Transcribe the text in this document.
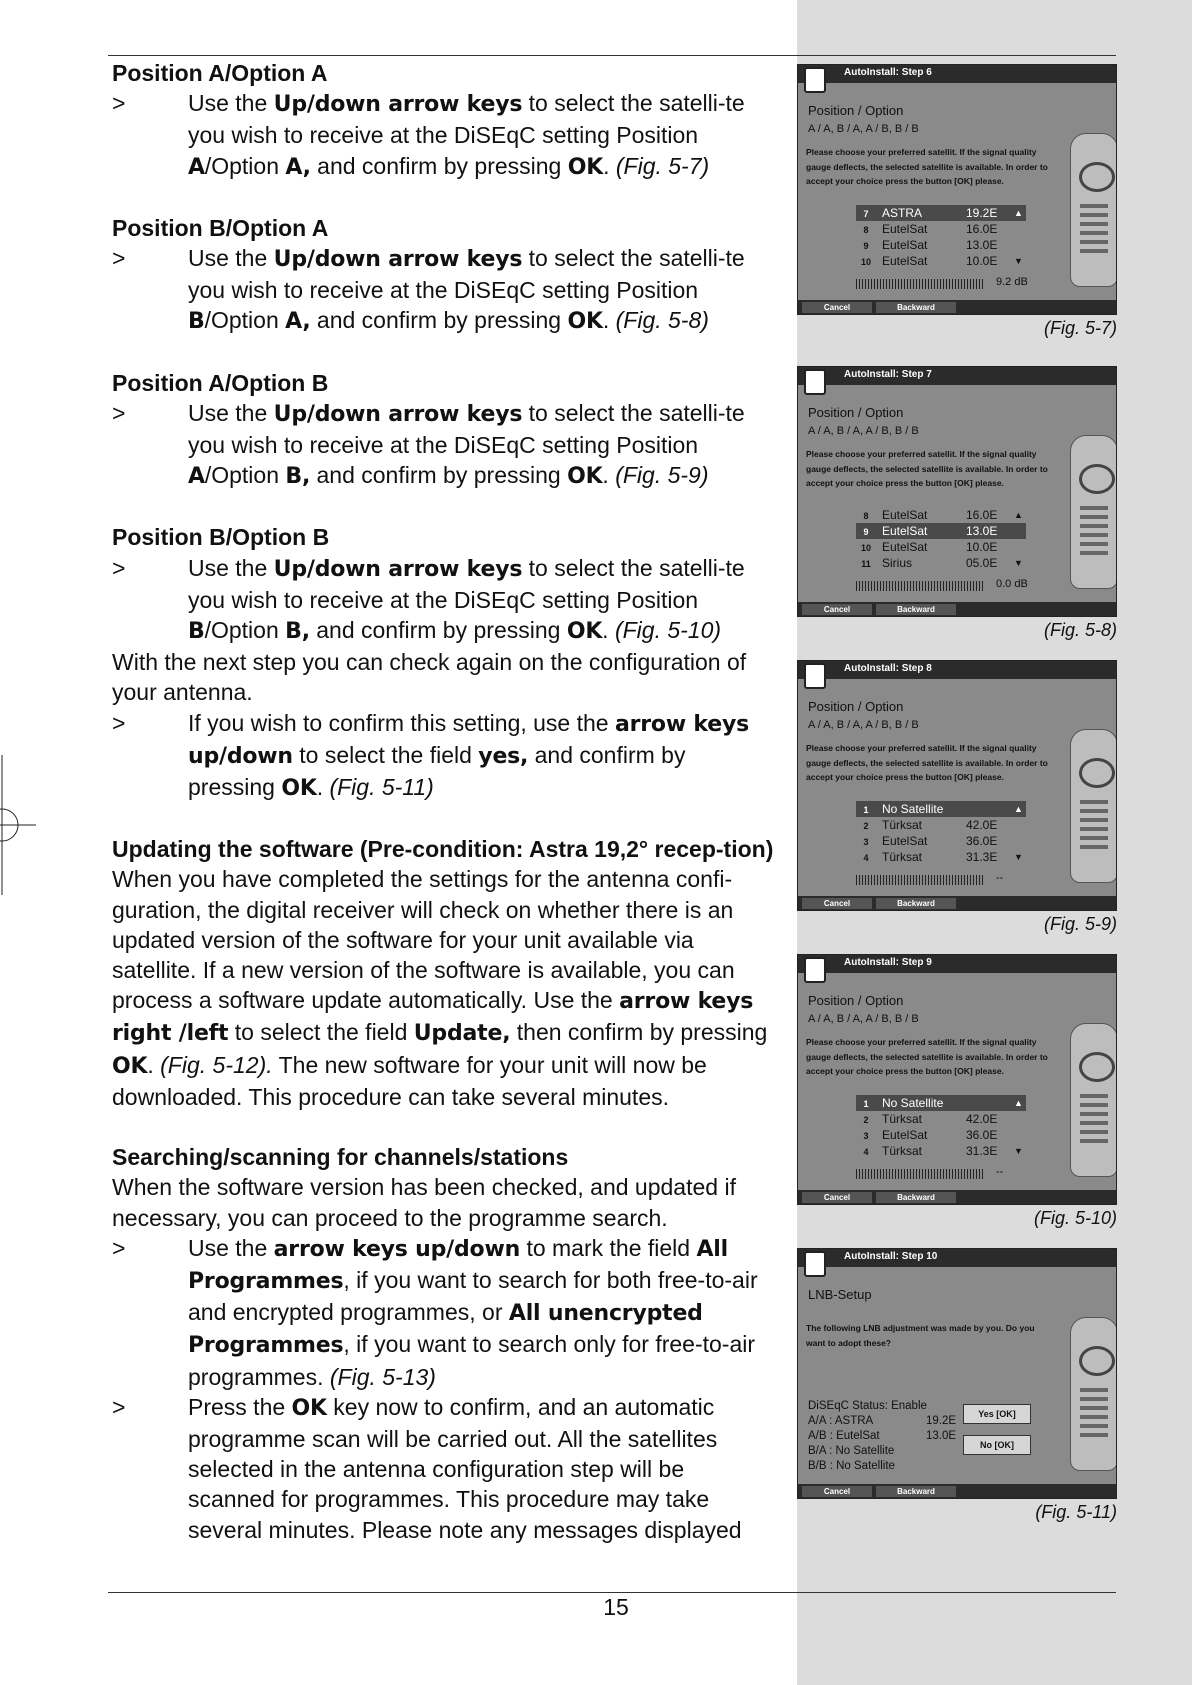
Position A/Option A
>	Use the Up/down arrow keys to select the satelli-te you wish to receive at the DiSEqC setting Position A/Option A, and confirm by pressing OK. (Fig. 5-7)
Position B/Option A
>	Use the Up/down arrow keys to select the satelli-te you wish to receive at the DiSEqC setting Position B/Option A, and confirm by pressing OK. (Fig. 5-8)
Position A/Option B
>	Use the Up/down arrow keys to select the satelli-te you wish to receive at the DiSEqC setting Position A/Option B, and confirm by pressing OK. (Fig. 5-9)
Position B/Option B
>	Use the Up/down arrow keys to select the satelli-te you wish to receive at the DiSEqC setting Position B/Option B, and confirm by pressing OK. (Fig. 5-10)

With the next step you can check again on the configuration of your antenna.

>	If you wish to confirm this setting, use the arrow keys up/down to select the field yes, and confirm by pressing OK. (Fig. 5-11)
Updating the software (Pre-condition: Astra 19,2° recep-tion)

When you have completed the settings for the antenna confi-guration, the digital receiver will check on whether there is an updated version of the software for your unit available via satellite. If a new version of the software is available, you can process a software update automatically. Use the arrow keys right /left to select the field Update, then confirm by pressing OK. (Fig. 5-12). The new software for your unit will now be downloaded. This procedure can take several minutes.

Searching/scanning for channels/stations

When the software version has been checked, and updated if necessary, you can proceed to the programme search.

>	Use the arrow keys up/down to mark the field All Programmes, if you want to search for both free-to-air and encrypted programmes, or All unencrypted Programmes, if you want to search only for free-to-air programmes. (Fig. 5-13)
>	Press the OK key now to confirm, and an automatic programme scan will be carried out. All the satellites selected in the antenna configuration step will be scanned for programmes. This procedure may take several minutes. Please note any messages displayed
AutoInstall: Step 6
Position / Option
A / A, B / A, A / B, B / B
Please choose your preferred satellit. If the signal quality gauge deflects, the selected satellite is available. In order to accept your choice press the button [OK] please.
7 ASTRA	19.2E ▲
8 EutelSat	16.0E
9 EutelSat	13.0E
10 EutelSat	10.0E ▼
9.2 dB
Cancel	Backward
(Fig. 5-7)
AutoInstall: Step 7
Position / Option
A / A, B / A, A / B, B / B
Please choose your preferred satellit. If the signal quality gauge deflects, the selected satellite is available. In order to accept your choice press the button [OK] please.
8 EutelSat	16.0E ▲
9 EutelSat	13.0E
10 EutelSat	10.0E
11 Sirius	05.0E ▼
0.0 dB
Cancel	Backward
(Fig. 5-8)
AutoInstall: Step 8
Position / Option
A / A, B / A, A / B, B / B
Please choose your preferred satellit. If the signal quality gauge deflects, the selected satellite is available. In order to accept your choice press the button [OK] please.
1 No Satellite	▲
2 Türksat	42.0E
3 EutelSat	36.0E
4 Türksat	31.3E ▼
--
Cancel	Backward
(Fig. 5-9)
AutoInstall: Step 9
Position / Option
A / A, B / A, A / B, B / B
Please choose your preferred satellit. If the signal quality gauge deflects, the selected satellite is available. In order to accept your choice press the button [OK] please.
1 No Satellite	▲
2 Türksat	42.0E
3 EutelSat	36.0E
4 Türksat	31.3E ▼
--
Cancel	Backward
(Fig. 5-10)
AutoInstall: Step 10
LNB-Setup
The following LNB adjustment was made by you. Do you want to adopt these?
DiSEqC Status: Enable
A/A : ASTRA	19.2E
A/B : EutelSat	13.0E
B/A : No Satellite
B/B : No Satellite
Yes [OK]
No [OK]
Cancel	Backward
(Fig. 5-11)
15
